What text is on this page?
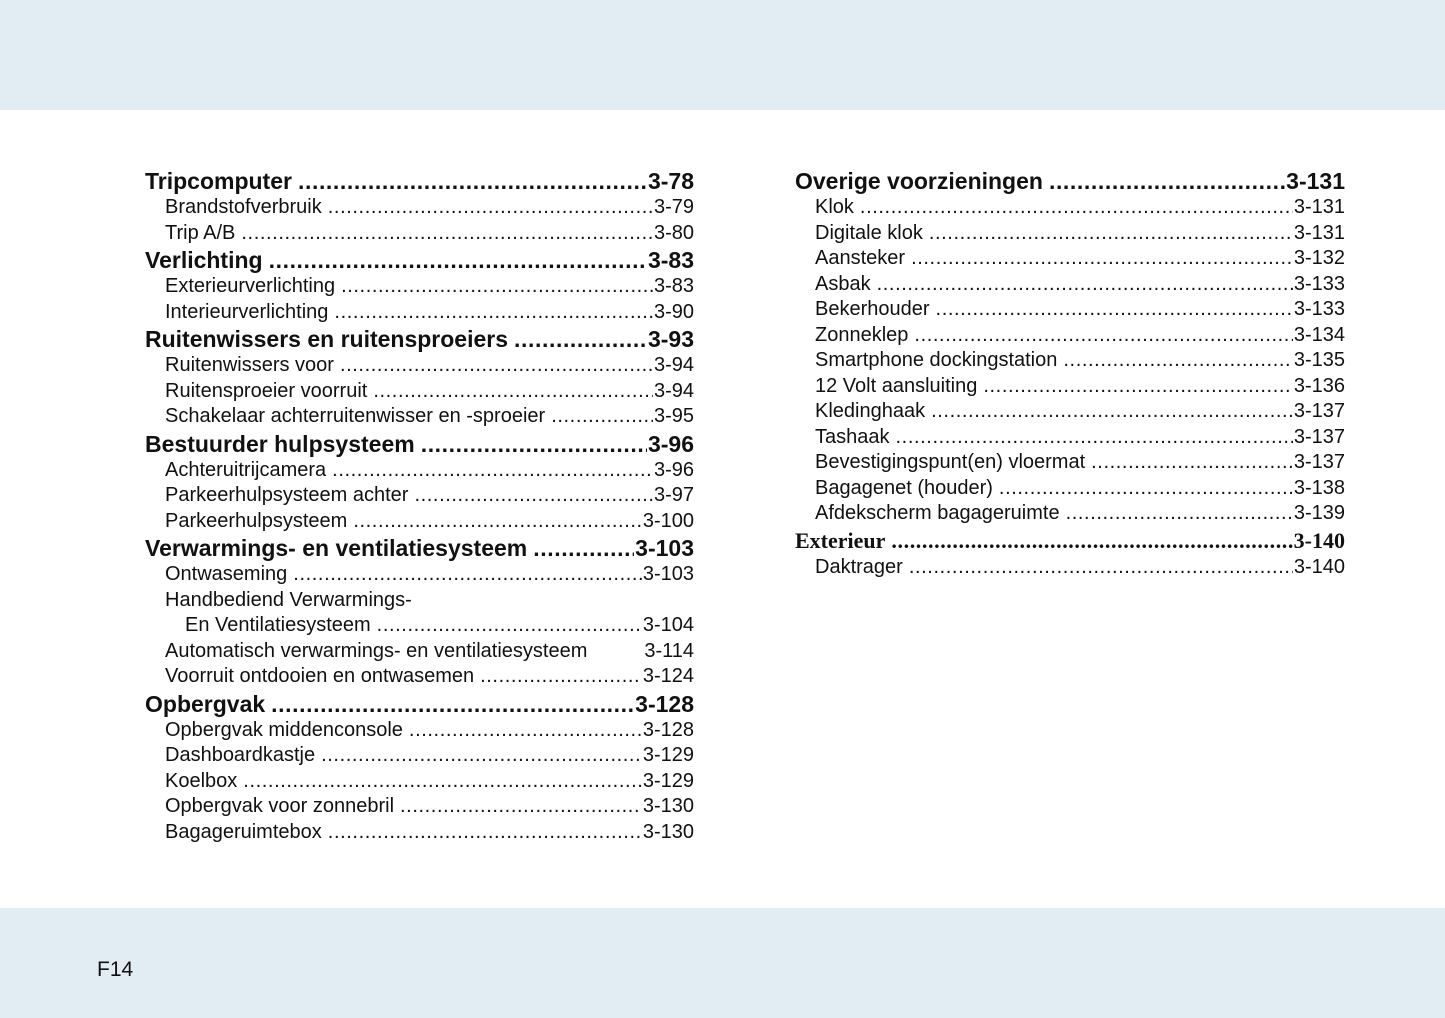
Tripcomputer .....	3-78
Brandstofverbruik .....	3-79
Trip A/B .....	3-80
Verlichting .....	3-83
Exterieurverlichting .....	3-83
Interieurverlichting .....	3-90
Ruitenwissers en ruitensproeiers .....	3-93
Ruitenwissers voor .....	3-94
Ruitensproeier voorruit .....	3-94
Schakelaar achterruitenwisser en -sproeier .....	3-95
Bestuurder hulpsysteem .....	3-96
Achteruitrijcamera .....	3-96
Parkeerhulpsysteem achter .....	3-97
Parkeerhulpsysteem .....	3-100
Verwarmings- en ventilatiesysteem .....	3-103
Ontwaseming .....	3-103
Handbediend Verwarmings-
En Ventilatiesysteem .....	3-104
Automatisch verwarmings- en ventilatiesysteem	3-114
Voorruit ontdooien en ontwasemen .....	3-124
Opbergvak .....	3-128
Opbergvak middenconsole .....	3-128
Dashboardkastje .....	3-129
Koelbox .....	3-129
Opbergvak voor zonnebril .....	3-130
Bagageruimtebox .....	3-130
Overige voorzieningen .....	3-131
Klok .....	3-131
Digitale klok .....	3-131
Aansteker .....	3-132
Asbak .....	3-133
Bekerhouder .....	3-133
Zonneklep .....	3-134
Smartphone dockingstation .....	3-135
12 Volt aansluiting .....	3-136
Kledinghaak .....	3-137
Tashaak .....	3-137
Bevestigingspunt(en) vloermat .....	3-137
Bagagenet (houder) .....	3-138
Afdekscherm bagageruimte .....	3-139
Exterieur .....	3-140
Daktrager .....	3-140
F14
